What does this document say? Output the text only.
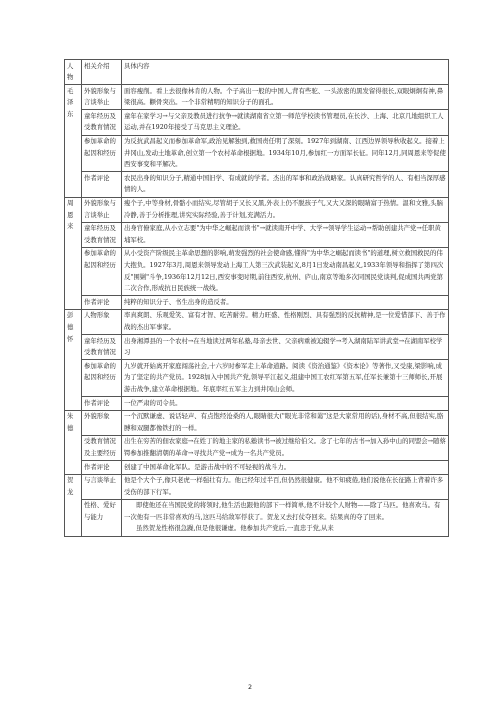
人物	相关介绍	具体内容
毛 泽 东	外貌形象与言谈举止	面容瘦削。看上去很像林肯的人物。个子高出一般的中国人,背有些驼、一头浓密的黑发留得很长,双眼炯炯有神,鼻梁很高。颧骨突出。一个非常精明的知识分子的面孔。
	童年经历及受教育情况	童年在家学习→与父亲及教员进行抗争→就读湖南省立第一师范学校读书管理员,在长沙、上海、北京几地组织工人运动,并在1920年接受了马克思主义理论。
	参加革命的起因和经历	为反抗武昌起义而参加革命军,政治见解独到,救国责任明了深刻。1927年到湖南、江西边界领导秋收起义。接着上井冈山,发动土地革命,创立第一个农村革命根据地。1934年10月,参加红一方面军长征。同年12月,同周恩来等促使西安事变和平解决。
	作者评论	农民出身的知识分子,精通中国旧学、有成就的学者。杰出的军事和政治战略家。认真研究哲学的人、有相当深厚感情的人。
周 恩 来	外貌形象与言谈举止	瘦个子,中等身材,骨骼小而结实,尽管胡子又长又黑,外表上仍不脱孩子气,又大又深的眼睛富于热情。温和文雅,头脑冷静,善于分析推理,讲究实际经验,善于计划,充满活力。
	童年经历及受教育情况	出身官僚家庭,从小立志要"为中华之崛起而读书"→就读南开中学、大学→领导学生运动→帮助创建共产党→任职黄埔军校。
	参加革命的起因和经历	从小受资产阶级民主革命思想的影响,萌发强烈的社会使命感,懂得"为中华之崛起而读书"的道理,树立救国救民的伟大抱负。1927年3月,周恩来领导发动上海工人第三次武装起义,8月1日发动南昌起义,1933年领导和指挥了第四次反"围剿"斗争,1936年12月12日,西安事变时期,前往西安,杭州、庐山,南京等地多次同国民党谈判,促成国共两党第二次合作,形成抗日民族统一战线。
	作者评论	纯粹的知识分子、书生出身的造反者。
彭 德 怀	人物形象	率真爽朗、乐观爱笑、富有才智、吃苦耐劳。精力旺盛、性格刚烈、具有强烈的反抗精神,是一位爱惜部下、善于作战的杰出军事家。
	童年经历及受教育情况	出身湘潭县的一个农村→在当地读过两年私塾,母亲去世、父亲病重被迫辍学→考入湖南陆军讲武堂→在湖南军校学习
	参加革命的起因和经历	九岁就开始离开家庭闯荡社会,十六岁时参军走上革命道路。阅读《资治通鉴》《资本论》等著作,又受康,梁影响,成为了坚定的共产党员。1928加入中国共产党,领导平江起义,组建中国工农红军第五军,任军长兼第十三师师长,开展游击战争,建立革命根据地。年底率红五军主力到井冈山会师。
	作者评论	一位严肃的司令员。
朱德	外貌形象	一个沉默谦虚、说话轻声、有点饱经沧桑的人,眼睛很大("眼光非常和蔼"这是大家常用的话),身材不高,但很结实,胳膊和双腿都像铁打的一样。
	受教育情况及主要经历	出生在穷苦的佃农家庭→在姓丁的地主家的私塾读书→被过继给伯父。念了七年的古书→加入孙中山的同盟会→随蔡锷参加推翻清朝的革命→寻找共产党→成为一名共产党员。
	作者评论	创建了中国革命化军队。是游击战中的不可轻视的战斗力。
贺龙	与言谈举止	他是个大个子,像只老虎一样强壮有力。他已经年过半百,但仍然很健康。他不知疲倦,他们说他在长征路上背着许多受伤的部下行军。
	性格、爱好与能力	即使他还在当国民党的将领时,他生活也跟他的部下一样简单,他不计较个人财物——除了马匹。他喜欢马。有一次他有一匹非常喜欢的马,这匹马给敌军俘获了。贺龙又去打仗夺回来。结果真的夺了回来。
虽然贺龙性格很急躁,但是他很谦虚。他参加共产党后,一直忠于党,从来
2
